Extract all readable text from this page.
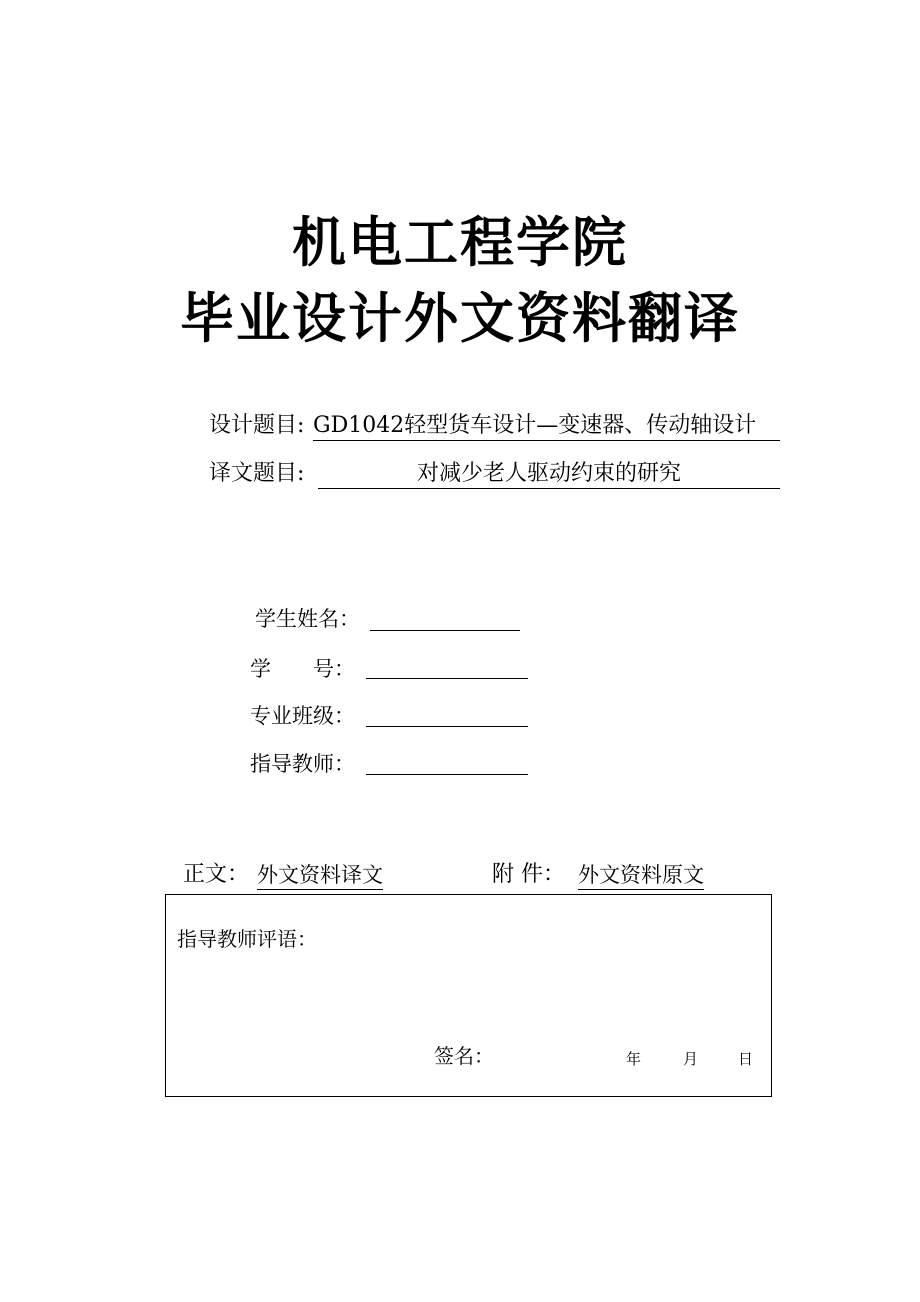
机电工程学院
毕业设计外文资料翻译
设计题目: GD1042轻型货车设计—变速器、传动轴设计
译文题目:	对减少老人驱动约束的研究
学生姓名：
学　　号：
专业班级：
指导教师：
正文： 外文资料译文	附 件： 外文资料原文
指导教师评语：
签名：	年	月	日
